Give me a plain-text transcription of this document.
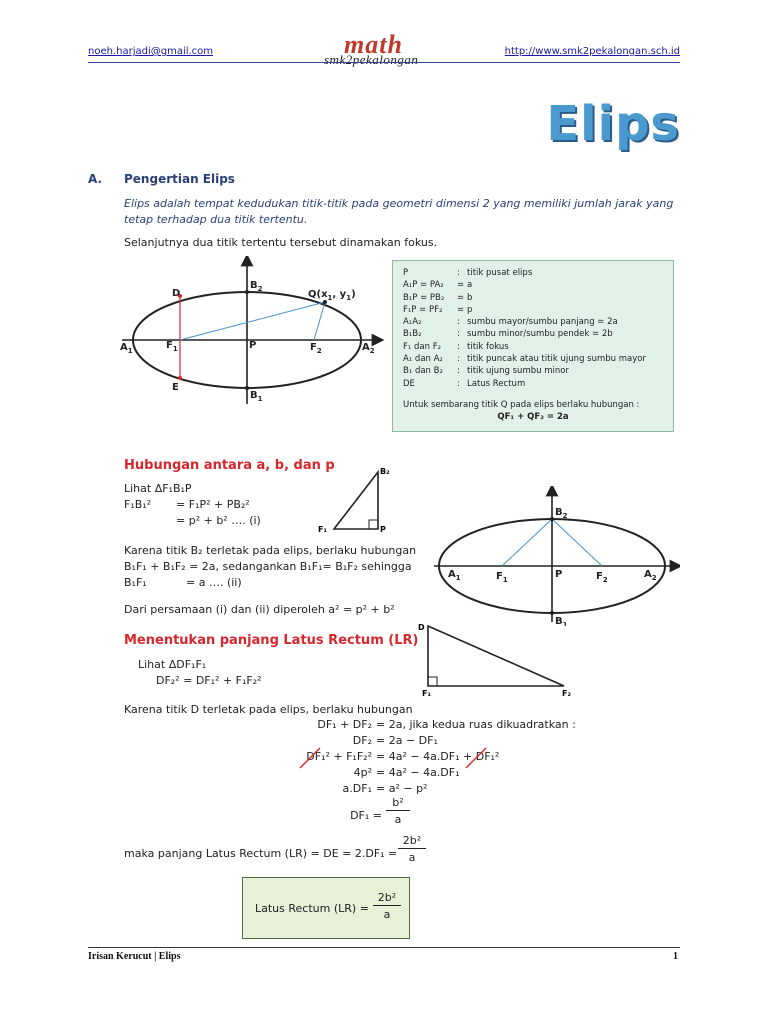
noeh.harjadi@gmail.com	math
smk2pekalongan
http://www.smk2pekalongan.sch.id
Elips
A. Pengertian Elips
Elips adalah tempat kedudukan titik-titik pada geometri dimensi 2 yang memiliki jumlah jarak yang tetap terhadap dua titik tertentu.
Selanjutnya dua titik tertentu tersebut dinamakan fokus.
$A_1$	$F_1$	P	$F_2$	$A_2$
$B_2$
$B_1$
D
E
$Q(x_1$, $y_1$)
P	: titik pusat elips
A₁P = PA₂	= a
B₁P = PB₂	= b
F₁P = PF₂	= p
A₁A₂	: sumbu mayor/sumbu panjang = 2a
B₁B₂	: sumbu minor/sumbu pendek = 2b
F₁ dan F₂	: titik fokus
A₁ dan A₂	: titik puncak atau titik ujung sumbu mayor
B₁ dan B₂	: titik ujung sumbu minor
DE	: Latus Rectum
Untuk sembarang titik Q pada elips berlaku hubungan :
QF₁ + QF₂ = 2a
Hubungan antara a, b, dan p
Lihat ΔF₁B₁P
F₁B₁² = F₁P² + PB₂²
= p² + b² …. (i)
B₂
F₁	P
Karena titik B₂ terletak pada elips, berlaku hubungan
B₁F₁ + B₁F₂ = 2a, sedangankan B₁F₁= B₁F₂ sehingga
B₁F₁	= a …. (ii)
Dari persamaan (i) dan (ii) diperoleh a² = p² + b²
$A_1$	$F_1$	P	$F_2$	$A_2$
$B_2$
$B_1$
Menentukan panjang Latus Rectum (LR)
Lihat ΔDF₁F₁
DF₂² = DF₁² + F₁F₂²
D
F₁	F₂
Karena titik D terletak pada elips, berlaku hubungan
DF₁ + DF₂ = 2a, jika kedua ruas dikuadratkan :
DF₂ = 2a − DF₁
DF₁² + F₁F₂² = 4a² − 4a.DF₁ + DF₁²
4p² = 4a² − 4a.DF₁
a.DF₁ = a² − p²
DF₁ =
b²
a
maka panjang Latus Rectum (LR) = DE = 2.DF₁ =
2b²
a
Latus Rectum (LR) =
2b²
a
Irisan Kerucut | Elips	1
